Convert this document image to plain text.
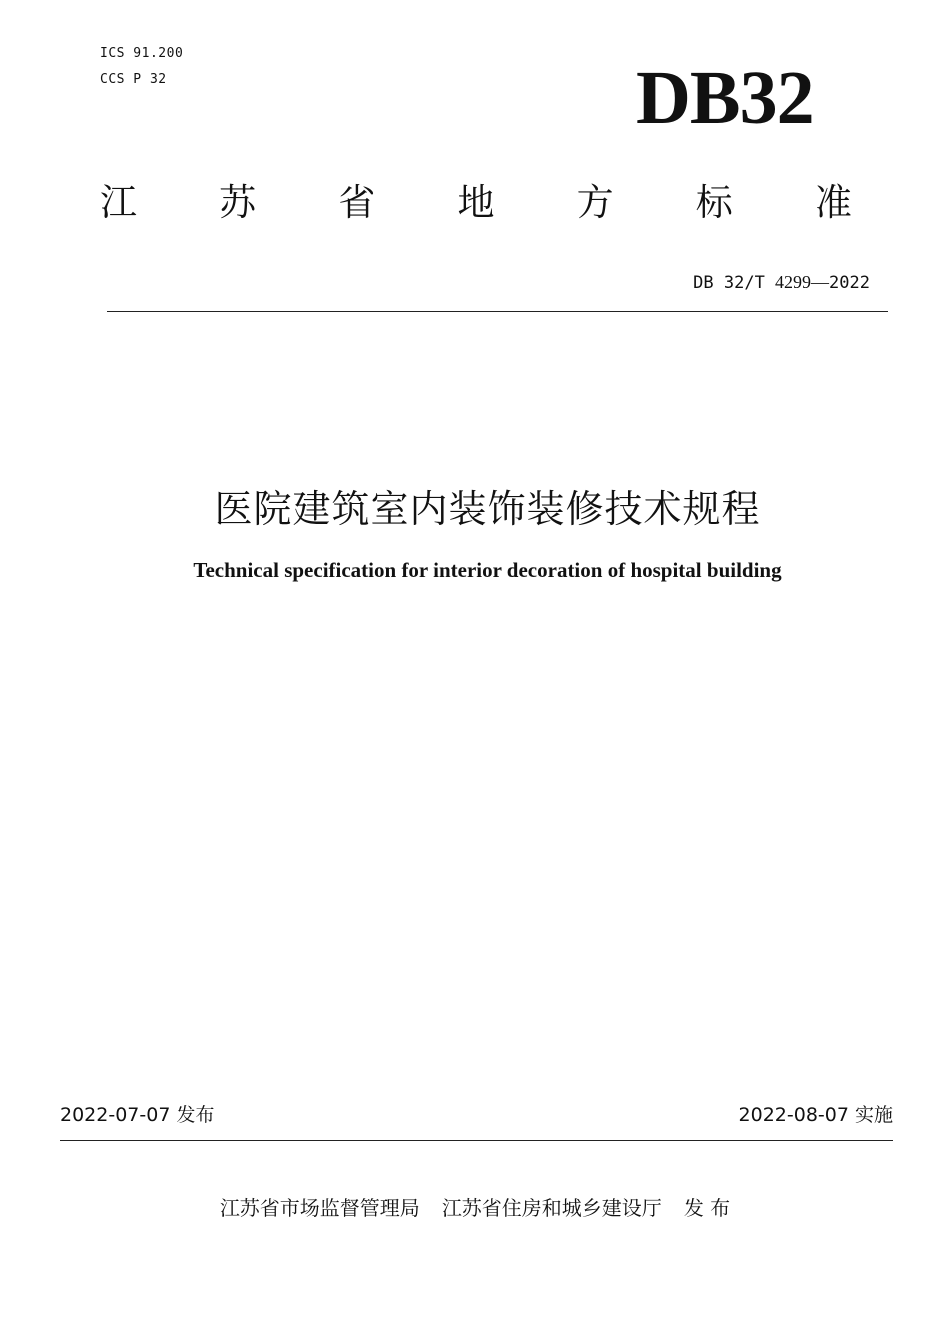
ICS 91.200
CCS P 32	DB32
江 苏 省 地 方 标 准
DB 32/T 4299—2022
医院建筑室内装饰装修技术规程
Technical specification for interior decoration of hospital building
2022-07-07 发布	2022-08-07 实施
江苏省市场监督管理局 江苏省住房和城乡建设厅 发 布
